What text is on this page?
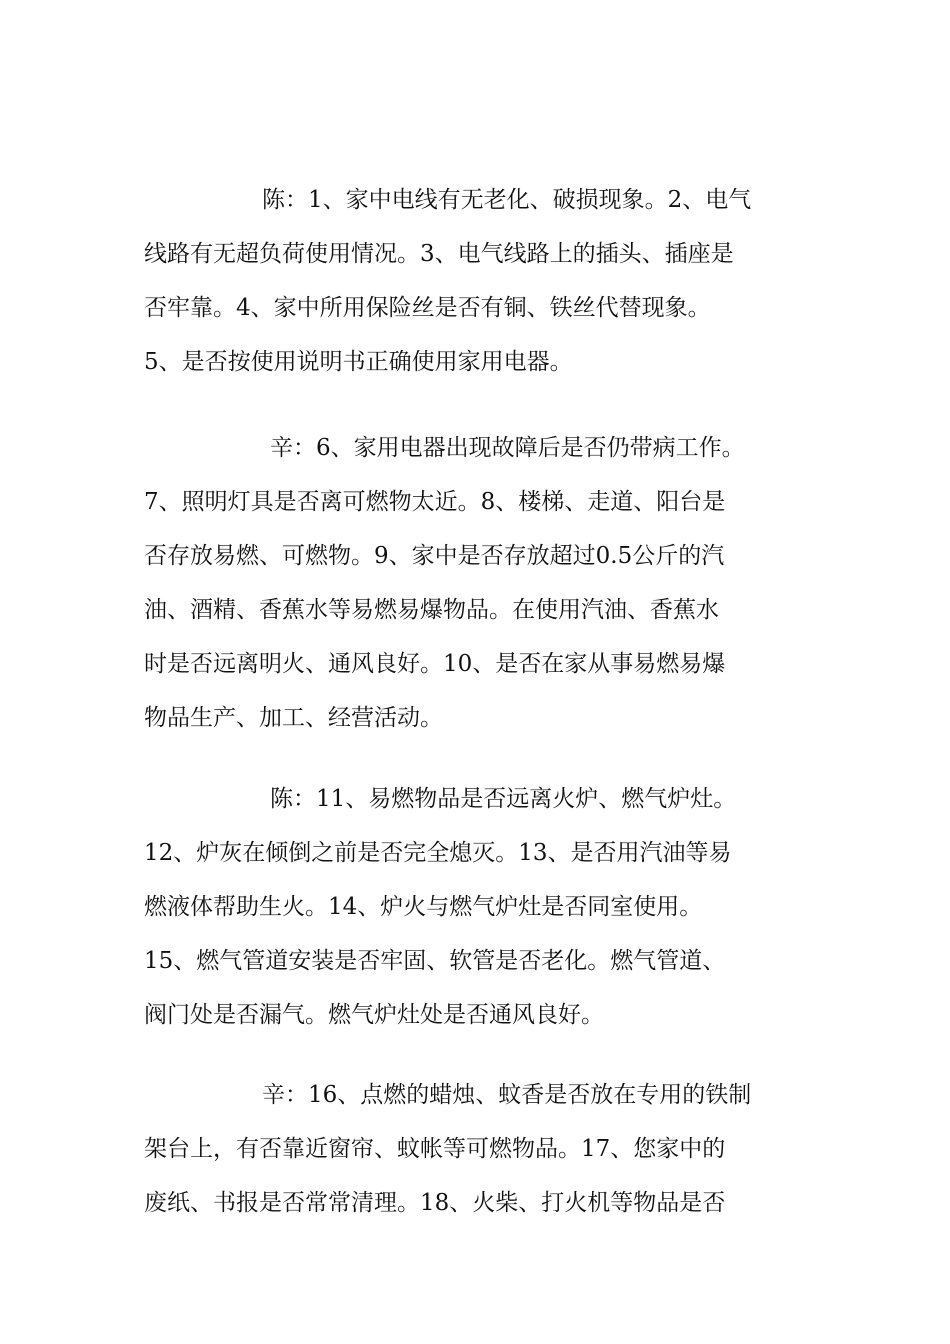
陈：1、家中电线有无老化、破损现象。2、电气
线路有无超负荷使用情况。3、电气线路上的插头、插座是
否牢靠。4、家中所用保险丝是否有铜、铁丝代替现象。
5、是否按使用说明书正确使用家用电器。
辛：6、家用电器出现故障后是否仍带病工作。
7、照明灯具是否离可燃物太近。8、楼梯、走道、阳台是
否存放易燃、可燃物。9、家中是否存放超过0.5公斤的汽
油、酒精、香蕉水等易燃易爆物品。在使用汽油、香蕉水
时是否远离明火、通风良好。10、是否在家从事易燃易爆
物品生产、加工、经营活动。
陈：11、易燃物品是否远离火炉、燃气炉灶。
12、炉灰在倾倒之前是否完全熄灭。13、是否用汽油等易
燃液体帮助生火。14、炉火与燃气炉灶是否同室使用。
15、燃气管道安装是否牢固、软管是否老化。燃气管道、
阀门处是否漏气。燃气炉灶处是否通风良好。
辛：16、点燃的蜡烛、蚊香是否放在专用的铁制
架台上，有否靠近窗帘、蚊帐等可燃物品。17、您家中的
废纸、书报是否常常清理。18、火柴、打火机等物品是否
